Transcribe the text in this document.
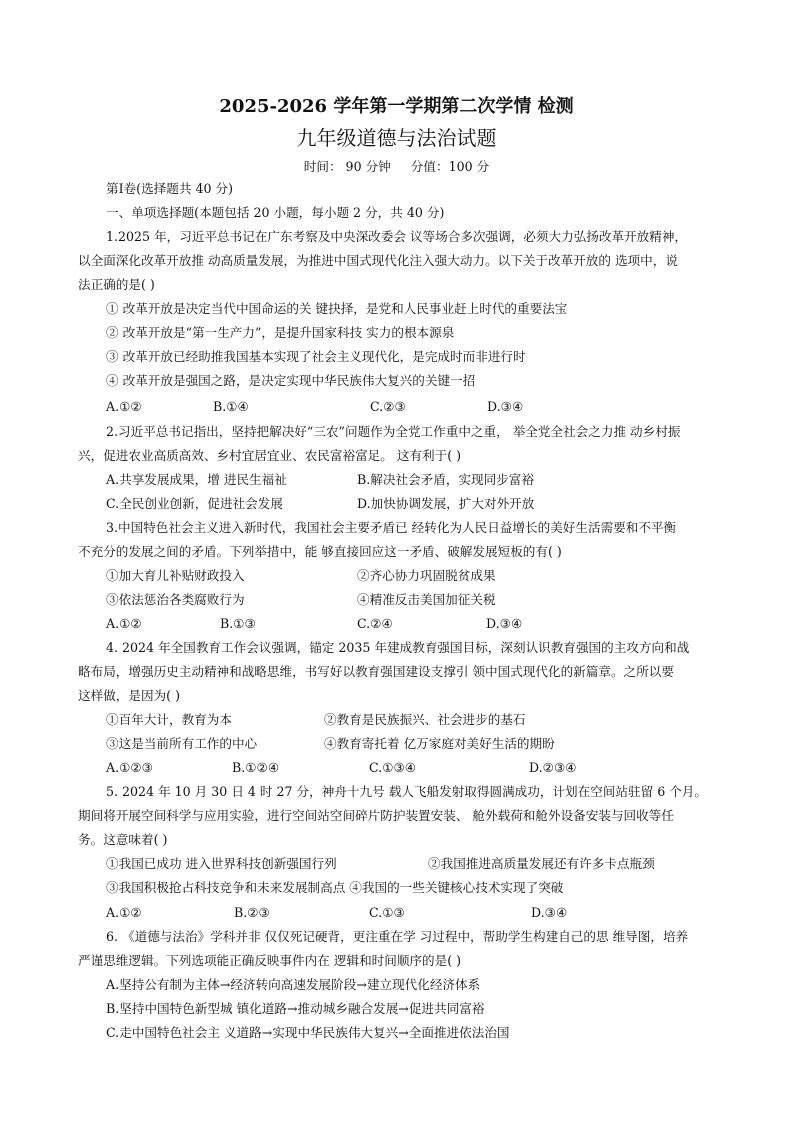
2025-2026 学年第一学期第二次学情 检测
九年级道德与法治试题
时间： 90 分钟 分值：100 分
第Ⅰ卷(选择题共 40 分)
一、单项选择题(本题包括 20 小题，每小题 2 分，共 40 分)
1.2025 年，习近平总书记在广东考察及中央深改委会 议等场合多次强调，必须大力弘扬改革开放精神，
以全面深化改革开放推 动高质量发展，为推进中国式现代化注入强大动力。以下关于改革开放的 选项中，说
法正确的是( )
① 改革开放是决定当代中国命运的关 键抉择，是党和人民事业赶上时代的重要法宝
② 改革开放是“第一生产力”，是提升国家科技 实力的根本源泉
③ 改革开放已经助推我国基本实现了社会主义现代化，是完成时而非进行时
④ 改革开放是强国之路，是决定实现中华民族伟大复兴的关键一招
A.①②	B.①④	C.②③	D.③④
2.习近平总书记指出，坚持把解决好“三农”问题作为全党工作重中之重， 举全党全社会之力推 动乡村振
兴，促进农业高质高效、乡村宜居宜业、农民富裕富足。 这有利于( )
A.共享发展成果，增 进民生福祉	B.解决社会矛盾，实现同步富裕
C.全民创业创新，促进社会发展	D.加快协调发展，扩大对外开放
3.中国特色社会主义进入新时代，我国社会主要矛盾已 经转化为人民日益增长的美好生活需要和不平衡
不充分的发展之间的矛盾。下列举措中，能 够直接回应这一矛盾、破解发展短板的有( )
①加大育儿补贴财政投入	②齐心协力巩固脱贫成果
③依法惩治各类腐败行为	④精准反击美国加征关税
A.①②	B.①③	C.②④	D.③④
4. 2024 年全国教育工作会议强调，锚定 2035 年建成教育强国目标，深刻认识教育强国的主攻方向和战
略布局，增强历史主动精神和战略思维，书写好以教育强国建设支撑引 领中国式现代化的新篇章。之所以要
这样做，是因为( )
①百年大计，教育为本	②教育是民族振兴、社会进步的基石
③这是当前所有工作的中心	④教育寄托着 亿万家庭对美好生活的期盼
A.①②③	B.①②④	C.①③④	D.②③④
5. 2024 年 10 月 30 日 4 时 27 分，神舟十九号 载人飞船发射取得圆满成功，计划在空间站驻留 6 个月。
期间将开展空间科学与应用实验，进行空间站空间碎片防护装置安装、 舱外载荷和舱外设备安装与回收等任
务。这意味着( )
①我国已成功 进入世界科技创新强国行列	②我国推进高质量发展还有许多卡点瓶颈
③我国积极抢占科技竞争和未来发展制高点 ④我国的一些关键核心技术实现了突破
A.①②	B.②③	C.①③	D.③④
6. 《道德与法治》学科并非 仅仅死记硬背，更注重在学 习过程中，帮助学生构建自己的思 维导图，培养
严谨思维逻辑。下列选项能正确反映事件内在 逻辑和时间顺序的是( )
A.坚持公有制为主体→经济转向高速发展阶段→建立现代化经济体系
B.坚持中国特色新型城 镇化道路→推动城乡融合发展→促进共同富裕
C.走中国特色社会主 义道路→实现中华民族伟大复兴→全面推进依法治国
